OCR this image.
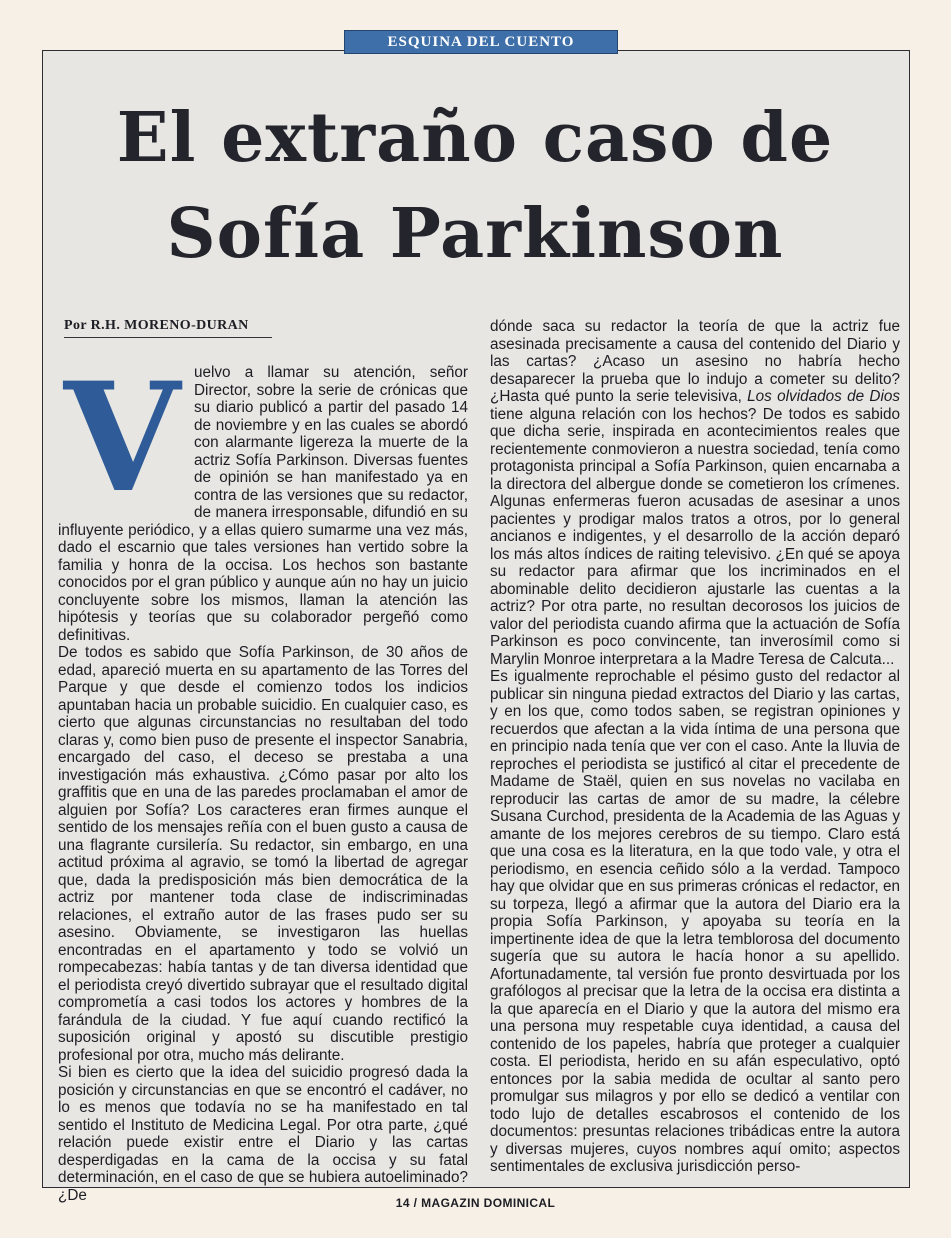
ESQUINA DEL CUENTO
El extraño caso de
Sofía Parkinson
Por R.H. MORENO-DURAN

Vuelvo a llamar su atención, señor Director, sobre la serie de crónicas que su diario publicó a partir del pasado 14 de noviembre y en las cuales se abordó con alarmante ligereza la muerte de la actriz Sofía Parkinson. Diversas fuentes de opinión se han manifestado ya en contra de las versiones que su redactor, de manera irresponsable, difundió en su influyente periódico, y a ellas quiero sumarme una vez más, dado el escarnio que tales versiones han vertido sobre la familia y honra de la occisa. Los hechos son bastante conocidos por el gran público y aunque aún no hay un juicio concluyente sobre los mismos, llaman la atención las hipótesis y teorías que su colaborador pergeñó como definitivas.

De todos es sabido que Sofía Parkinson, de 30 años de edad, apareció muerta en su apartamento de las Torres del Parque y que desde el comienzo todos los indicios apuntaban hacia un probable suicidio. En cualquier caso, es cierto que algunas circunstancias no resultaban del todo claras y, como bien puso de presente el inspector Sanabria, encargado del caso, el deceso se prestaba a una investigación más exhaustiva. ¿Cómo pasar por alto los graffitis que en una de las paredes proclamaban el amor de alguien por Sofía? Los caracteres eran firmes aunque el sentido de los mensajes reñía con el buen gusto a causa de una flagrante cursilería. Su redactor, sin embargo, en una actitud próxima al agravio, se tomó la libertad de agregar que, dada la predisposición más bien democrática de la actriz por mantener toda clase de indiscriminadas relaciones, el extraño autor de las frases pudo ser su asesino. Obviamente, se investigaron las huellas encontradas en el apartamento y todo se volvió un rompecabezas: había tantas y de tan diversa identidad que el periodista creyó divertido subrayar que el resultado digital comprometía a casi todos los actores y hombres de la farándula de la ciudad. Y fue aquí cuando rectificó la suposición original y apostó su discutible prestigio profesional por otra, mucho más delirante.

Si bien es cierto que la idea del suicidio progresó dada la posición y circunstancias en que se encontró el cadáver, no lo es menos que todavía no se ha manifestado en tal sentido el Instituto de Medicina Legal. Por otra parte, ¿qué relación puede existir entre el Diario y las cartas desperdigadas en la cama de la occisa y su fatal determinación, en el caso de que se hubiera autoeliminado? ¿De

dónde saca su redactor la teoría de que la actriz fue asesinada precisamente a causa del contenido del Diario y las cartas? ¿Acaso un asesino no habría hecho desaparecer la prueba que lo indujo a cometer su delito? ¿Hasta qué punto la serie televisiva, Los olvidados de Dios tiene alguna relación con los hechos? De todos es sabido que dicha serie, inspirada en acontecimientos reales que recientemente conmovieron a nuestra sociedad, tenía como protagonista principal a Sofía Parkinson, quien encarnaba a la directora del albergue donde se cometieron los crímenes. Algunas enfermeras fueron acusadas de asesinar a unos pacientes y prodigar malos tratos a otros, por lo general ancianos e indigentes, y el desarrollo de la acción deparó los más altos índices de raiting televisivo. ¿En qué se apoya su redactor para afirmar que los incriminados en el abominable delito decidieron ajustarle las cuentas a la actriz? Por otra parte, no resultan decorosos los juicios de valor del periodista cuando afirma que la actuación de Sofía Parkinson es poco convincente, tan inverosímil como si Marylin Monroe interpretara a la Madre Teresa de Calcuta...

Es igualmente reprochable el pésimo gusto del redactor al publicar sin ninguna piedad extractos del Diario y las cartas, y en los que, como todos saben, se registran opiniones y recuerdos que afectan a la vida íntima de una persona que en principio nada tenía que ver con el caso. Ante la lluvia de reproches el periodista se justificó al citar el precedente de Madame de Staël, quien en sus novelas no vacilaba en reproducir las cartas de amor de su madre, la célebre Susana Curchod, presidenta de la Academia de las Aguas y amante de los mejores cerebros de su tiempo. Claro está que una cosa es la literatura, en la que todo vale, y otra el periodismo, en esencia ceñido sólo a la verdad. Tampoco hay que olvidar que en sus primeras crónicas el redactor, en su torpeza, llegó a afirmar que la autora del Diario era la propia Sofía Parkinson, y apoyaba su teoría en la impertinente idea de que la letra temblorosa del documento sugería que su autora le hacía honor a su apellido. Afortunadamente, tal versión fue pronto desvirtuada por los grafólogos al precisar que la letra de la occisa era distinta a la que aparecía en el Diario y que la autora del mismo era una persona muy respetable cuya identidad, a causa del contenido de los papeles, habría que proteger a cualquier costa. El periodista, herido en su afán especulativo, optó entonces por la sabia medida de ocultar al santo pero promulgar sus milagros y por ello se dedicó a ventilar con todo lujo de detalles escabrosos el contenido de los documentos: presuntas relaciones tribádicas entre la autora y diversas mujeres, cuyos nombres aquí omito; aspectos sentimentales de exclusiva jurisdicción perso-

14 / MAGAZIN DOMINICAL
